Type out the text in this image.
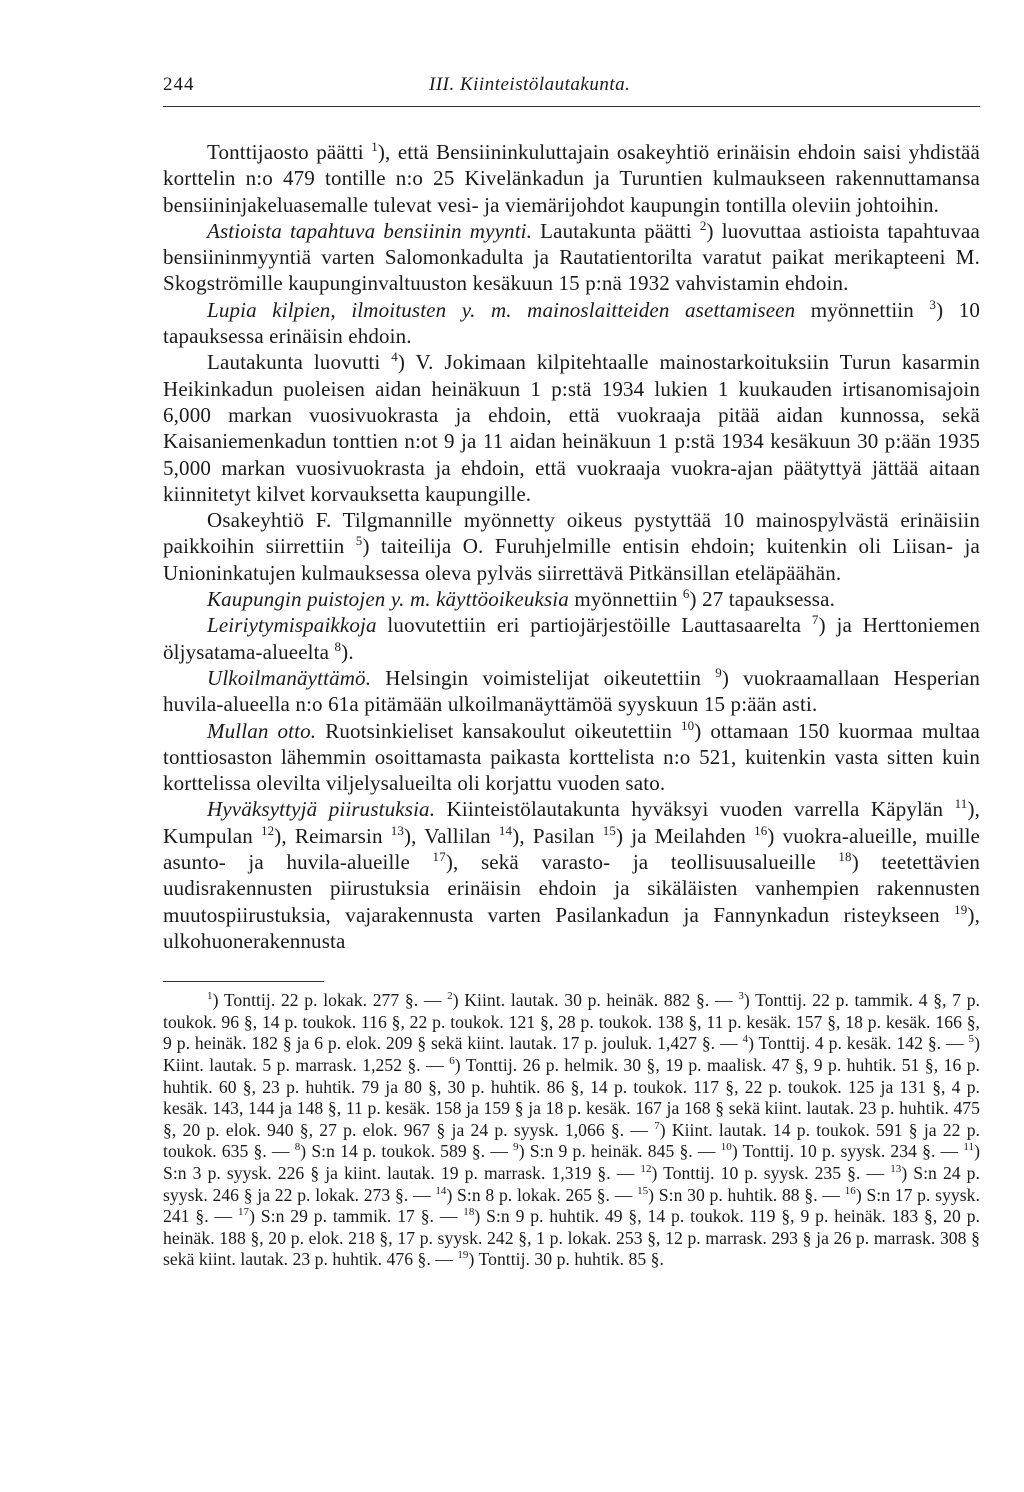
244	III. Kiinteistölautakunta.

Tonttijaosto päätti $^1$), että Bensiininkuluttajain osakeyhtiö erinäisin ehdoin saisi yhdistää korttelin n:o 479 tontille n:o 25 Kivelänkadun ja Turuntien kulmaukseen rakennuttamansa bensiininjakeluasemalle tulevat vesi- ja viemärijohdot kaupungin tontilla oleviin johtoihin.

Astioista tapahtuva bensiinin myynti. Lautakunta päätti $^2$) luovuttaa astioista tapahtuvaa bensiininmyyntiä varten Salomonkadulta ja Rautatientorilta varatut paikat merikapteeni M. Skogströmille kaupunginvaltuuston kesäkuun 15 p:nä 1932 vahvistamin ehdoin.

Lupia kilpien, ilmoitusten y. m. mainoslaitteiden asettamiseen myönnettiin $^3$) 10 tapauksessa erinäisin ehdoin.

Lautakunta luovutti $^4$) V. Jokimaan kilpitehtaalle mainostarkoituksiin Turun kasarmin Heikinkadun puoleisen aidan heinäkuun 1 p:stä 1934 lukien 1 kuukauden irtisanomisajoin 6,000 markan vuosivuokrasta ja ehdoin, että vuokraaja pitää aidan kunnossa, sekä Kaisaniemenkadun tonttien n:ot 9 ja 11 aidan heinäkuun 1 p:stä 1934 kesäkuun 30 p:ään 1935 5,000 markan vuosivuokrasta ja ehdoin, että vuokraaja vuokra-ajan päätyttyä jättää aitaan kiinnitetyt kilvet korvauksetta kaupungille.

Osakeyhtiö F. Tilgmannille myönnetty oikeus pystyttää 10 mainospylvästä erinäisiin paikkoihin siirrettiin $^5$) taiteilija O. Furuhjelmille entisin ehdoin; kuitenkin oli Liisan- ja Unioninkatujen kulmauksessa oleva pylväs siirrettävä Pitkänsillan eteläpäähän.

Kaupungin puistojen y. m. käyttöoikeuksia myönnettiin $^6$) 27 tapauksessa.

Leiriytymispaikkoja luovutettiin eri partiojärjestöille Lauttasaarelta $^7$) ja Herttoniemen öljysatama-alueelta $^8$).

Ulkoilmanäyttämö. Helsingin voimistelijat oikeutettiin $^9$) vuokraamallaan Hesperian huvila-alueella n:o 61a pitämään ulkoilmanäyttämöä syyskuun 15 p:ään asti.

Mullan otto. Ruotsinkieliset kansakoulut oikeutettiin $^{10}$) ottamaan 150 kuormaa multaa tonttiosaston lähemmin osoittamasta paikasta korttelista n:o 521, kuitenkin vasta sitten kuin korttelissa olevilta viljelysalueilta oli korjattu vuoden sato.

Hyväksyttyjä piirustuksia. Kiinteistölautakunta hyväksyi vuoden varrella Käpylän $^{11}$), Kumpulan $^{12}$), Reimarsin $^{13}$), Vallilan $^{14}$), Pasilan $^{15}$) ja Meilahden $^{16}$) vuokra-alueille, muille asunto- ja huvila-alueille $^{17}$), sekä varasto- ja teollisuusalueille $^{18}$) teetettävien uudisrakennusten piirustuksia erinäisin ehdoin ja sikäläisten vanhempien rakennusten muutospiirustuksia, vajarakennusta varten Pasilankadun ja Fannynkadun risteykseen $^{19}$), ulkohuonerakennusta

$^1$) Tonttij. 22 p. lokak. 277 §. — $^2$) Kiint. lautak. 30 p. heinäk. 882 §. — $^3$) Tonttij. 22 p. tammik. 4 §, 7 p. toukok. 96 §, 14 p. toukok. 116 §, 22 p. toukok. 121 §, 28 p. toukok. 138 §, 11 p. kesäk. 157 §, 18 p. kesäk. 166 §, 9 p. heinäk. 182 § ja 6 p. elok. 209 § sekä kiint. lautak. 17 p. jouluk. 1,427 §. — $^4$) Tonttij. 4 p. kesäk. 142 §. — $^5$) Kiint. lautak. 5 p. marrask. 1,252 §. — $^6$) Tonttij. 26 p. helmik. 30 §, 19 p. maalisk. 47 §, 9 p. huhtik. 51 §, 16 p. huhtik. 60 §, 23 p. huhtik. 79 ja 80 §, 30 p. huhtik. 86 §, 14 p. toukok. 117 §, 22 p. toukok. 125 ja 131 §, 4 p. kesäk. 143, 144 ja 148 §, 11 p. kesäk. 158 ja 159 § ja 18 p. kesäk. 167 ja 168 § sekä kiint. lautak. 23 p. huhtik. 475 §, 20 p. elok. 940 §, 27 p. elok. 967 § ja 24 p. syysk. 1,066 §. — $^7$) Kiint. lautak. 14 p. toukok. 591 § ja 22 p. toukok. 635 §. — $^8$) S:n 14 p. toukok. 589 §. — $^9$) S:n 9 p. heinäk. 845 §. — $^{10}$) Tonttij. 10 p. syysk. 234 §. — $^{11}$) S:n 3 p. syysk. 226 § ja kiint. lautak. 19 p. marrask. 1,319 §. — $^{12}$) Tonttij. 10 p. syysk. 235 §. — $^{13}$) S:n 24 p. syysk. 246 § ja 22 p. lokak. 273 §. — $^{14}$) S:n 8 p. lokak. 265 §. — $^{15}$) S:n 30 p. huhtik. 88 §. — $^{16}$) S:n 17 p. syysk. 241 §. — $^{17}$) S:n 29 p. tammik. 17 §. — $^{18}$) S:n 9 p. huhtik. 49 §, 14 p. toukok. 119 §, 9 p. heinäk. 183 §, 20 p. heinäk. 188 §, 20 p. elok. 218 §, 17 p. syysk. 242 §, 1 p. lokak. 253 §, 12 p. marrask. 293 § ja 26 p. marrask. 308 § sekä kiint. lautak. 23 p. huhtik. 476 §. — $^{19}$) Tonttij. 30 p. huhtik. 85 §.
